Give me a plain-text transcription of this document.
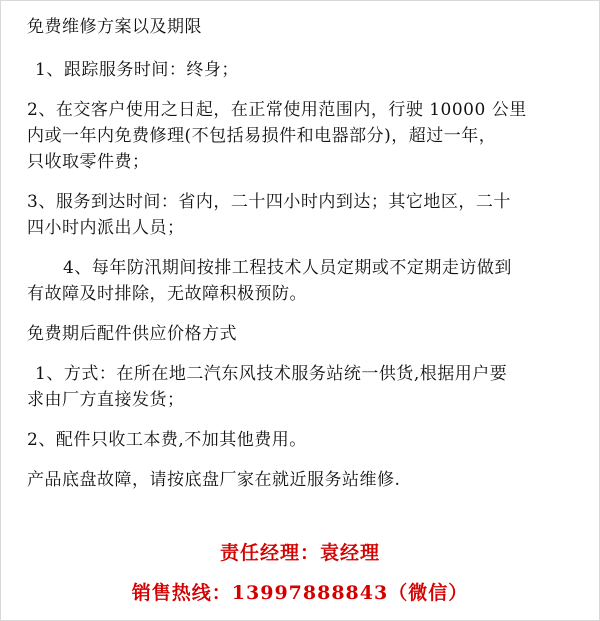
免费维修方案以及期限
1、跟踪服务时间：终身；
2、在交客户使用之日起，在正常使用范围内，行驶 10000 公里
内或一年内免费修理(不包括易损件和电器部分)，超过一年，
只收取零件费；
3、服务到达时间：省内，二十四小时内到达；其它地区，二十
四小时内派出人员；
4、每年防汛期间按排工程技术人员定期或不定期走访做到
有故障及时排除，无故障积极预防。
免费期后配件供应价格方式
1、方式：在所在地二汽东风技术服务站统一供货,根据用户要
求由厂方直接发货；
2、配件只收工本费,不加其他费用。
产品底盘故障，请按底盘厂家在就近服务站维修.
责任经理：袁经理
销售热线：13997888843（微信）
